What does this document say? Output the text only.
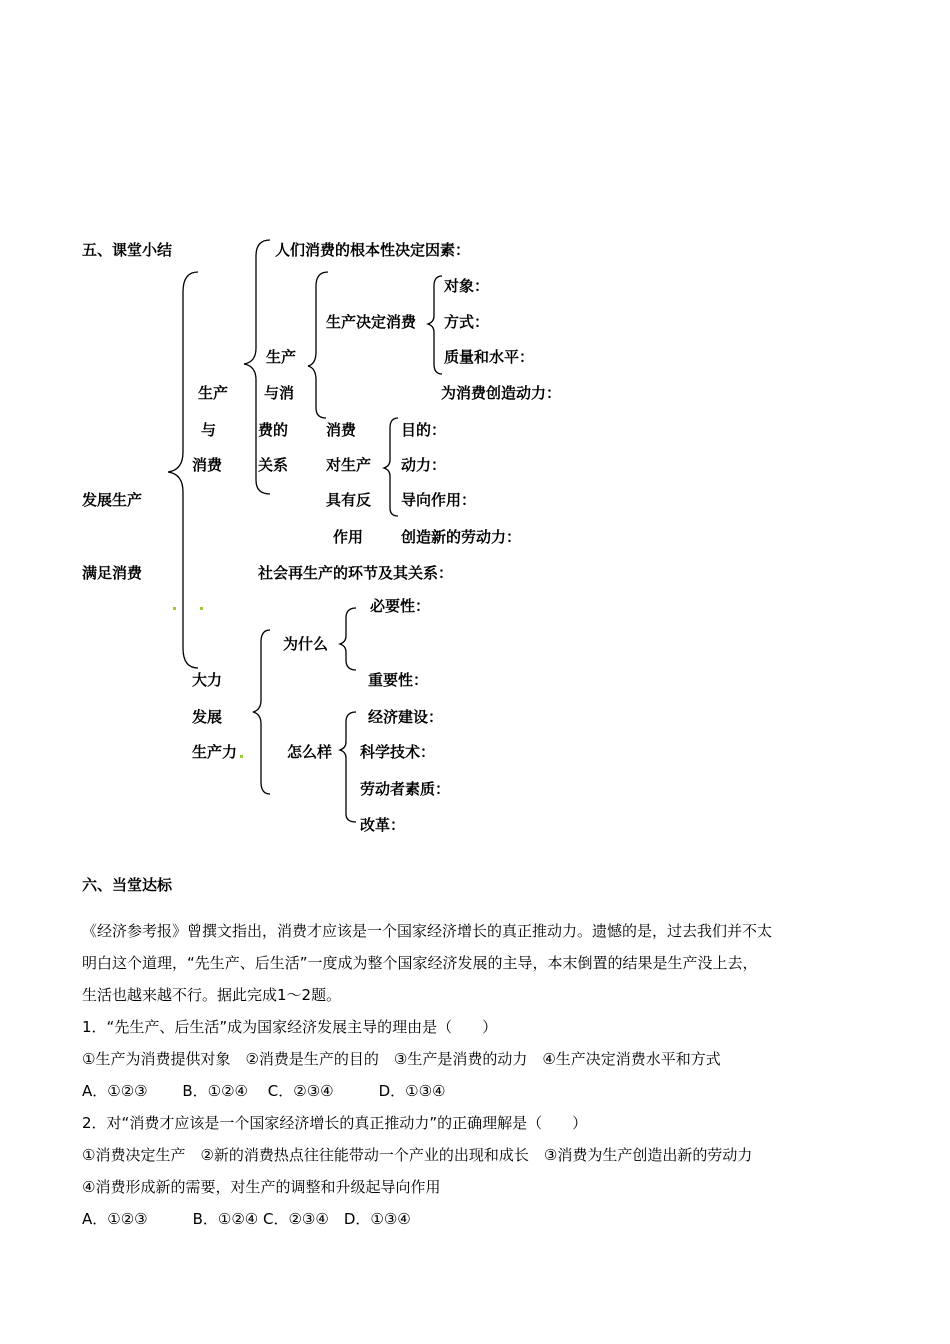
五、课堂小结
发展生产
满足消费
生产
与
消费
生产
与消
费的
关系
人们消费的根本性决定因素：
生产决定消费
对象：
方式：
质量和水平：
为消费创造动力：
消费
对生产
具有反
作用
目的：
动力：
导向作用：
创造新的劳动力：
社会再生产的环节及其关系：
大力
发展
生产力
为什么
必要性：
重要性：
怎么样
经济建设：
科学技术：
劳动者素质：
改革：
六、当堂达标
《经济参考报》曾撰文指出，消费才应该是一个国家经济增长的真正推动力。遗憾的是，过去我们并不太
明白这个道理，“先生产、后生活”一度成为整个国家经济发展的主导，本末倒置的结果是生产没上去，
生活也越来越不行。据此完成1～2题。
1．“先生产、后生活”成为国家经济发展主导的理由是（　　）
①生产为消费提供对象　②消费是生产的目的　③生产是消费的动力　④生产决定消费水平和方式
A．①②③　　 B．①②④　 C．②③④　　　D．①③④
2．对“消费才应该是一个国家经济增长的真正推动力”的正确理解是（　　）
①消费决定生产　②新的消费热点往往能带动一个产业的出现和成长　③消费为生产创造出新的劳动力
④消费形成新的需要，对生产的调整和升级起导向作用
A．①②③　　　B．①②④ C．②③④　D．①③④
